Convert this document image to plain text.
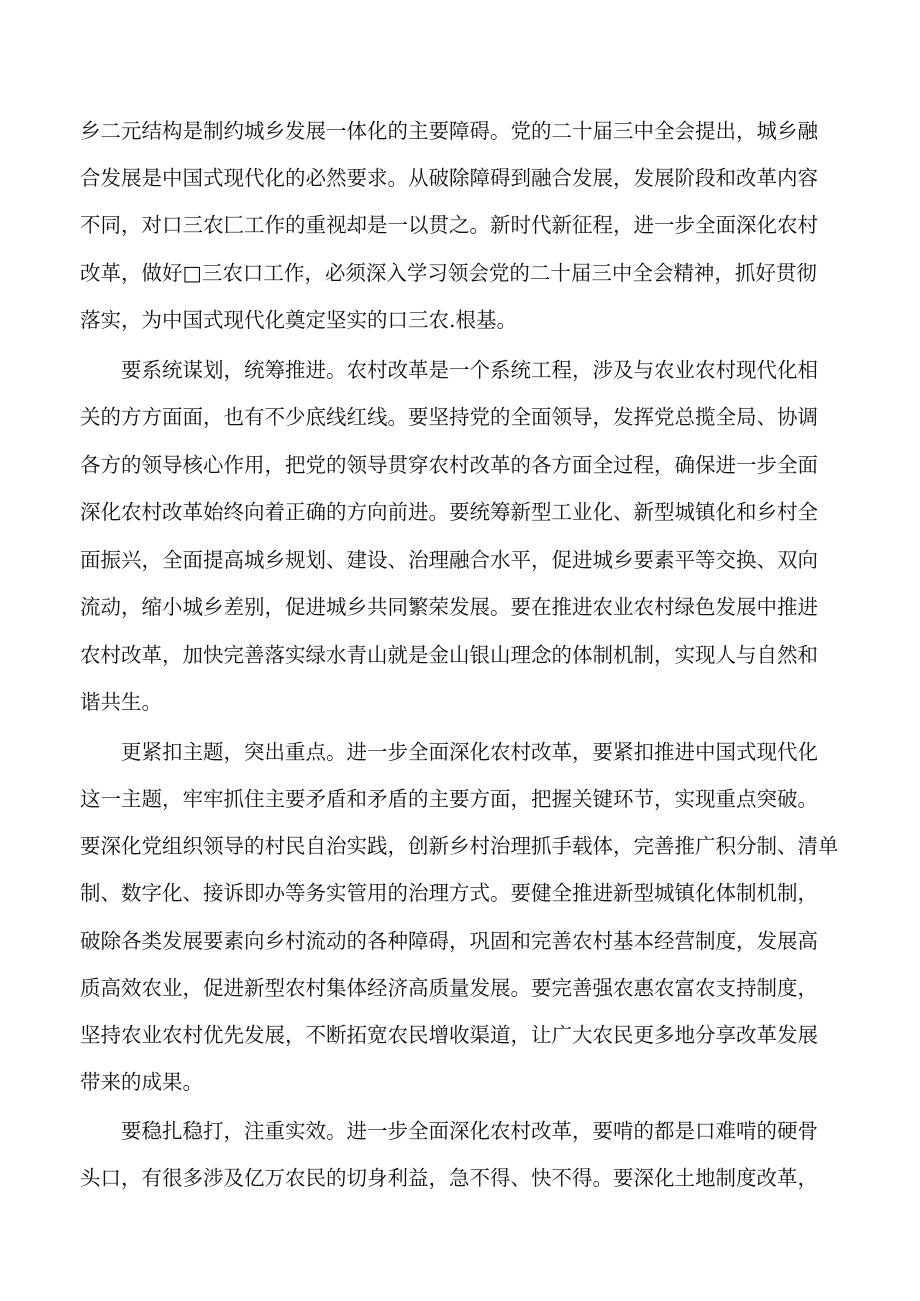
乡二元结构是制约城乡发展一体化的主要障碍。党的二十届三中全会提出，城乡融
合发展是中国式现代化的必然要求。从破除障碍到融合发展，发展阶段和改革内容
不同，对口三农匚工作的重视却是一以贯之。新时代新征程，进一步全面深化农村
改革，做好□三农口工作，必须深入学习领会党的二十届三中全会精神，抓好贯彻
落实，为中国式现代化奠定坚实的口三农.根基。
要系统谋划，统筹推进。农村改革是一个系统工程，涉及与农业农村现代化相
关的方方面面，也有不少底线红线。要坚持党的全面领导，发挥党总揽全局、协调
各方的领导核心作用，把党的领导贯穿农村改革的各方面全过程，确保进一步全面
深化农村改革始终向着正确的方向前进。要统筹新型工业化、新型城镇化和乡村全
面振兴，全面提高城乡规划、建设、治理融合水平，促进城乡要素平等交换、双向
流动，缩小城乡差别，促进城乡共同繁荣发展。要在推进农业农村绿色发展中推进
农村改革，加快完善落实绿水青山就是金山银山理念的体制机制，实现人与自然和
谐共生。
更紧扣主题，突出重点。进一步全面深化农村改革，要紧扣推进中国式现代化
这一主题，牢牢抓住主要矛盾和矛盾的主要方面，把握关键环节，实现重点突破。
要深化党组织领导的村民自治实践，创新乡村治理抓手载体，完善推广积分制、清单
制、数字化、接诉即办等务实管用的治理方式。要健全推进新型城镇化体制机制，
破除各类发展要素向乡村流动的各种障碍，巩固和完善农村基本经营制度，发展高
质高效农业，促进新型农村集体经济高质量发展。要完善强农惠农富农支持制度，
坚持农业农村优先发展，不断拓宽农民增收渠道，让广大农民更多地分享改革发展
带来的成果。
要稳扎稳打，注重实效。进一步全面深化农村改革，要啃的都是口难啃的硬骨
头口，有很多涉及亿万农民的切身利益，急不得、快不得。要深化土地制度改革，
